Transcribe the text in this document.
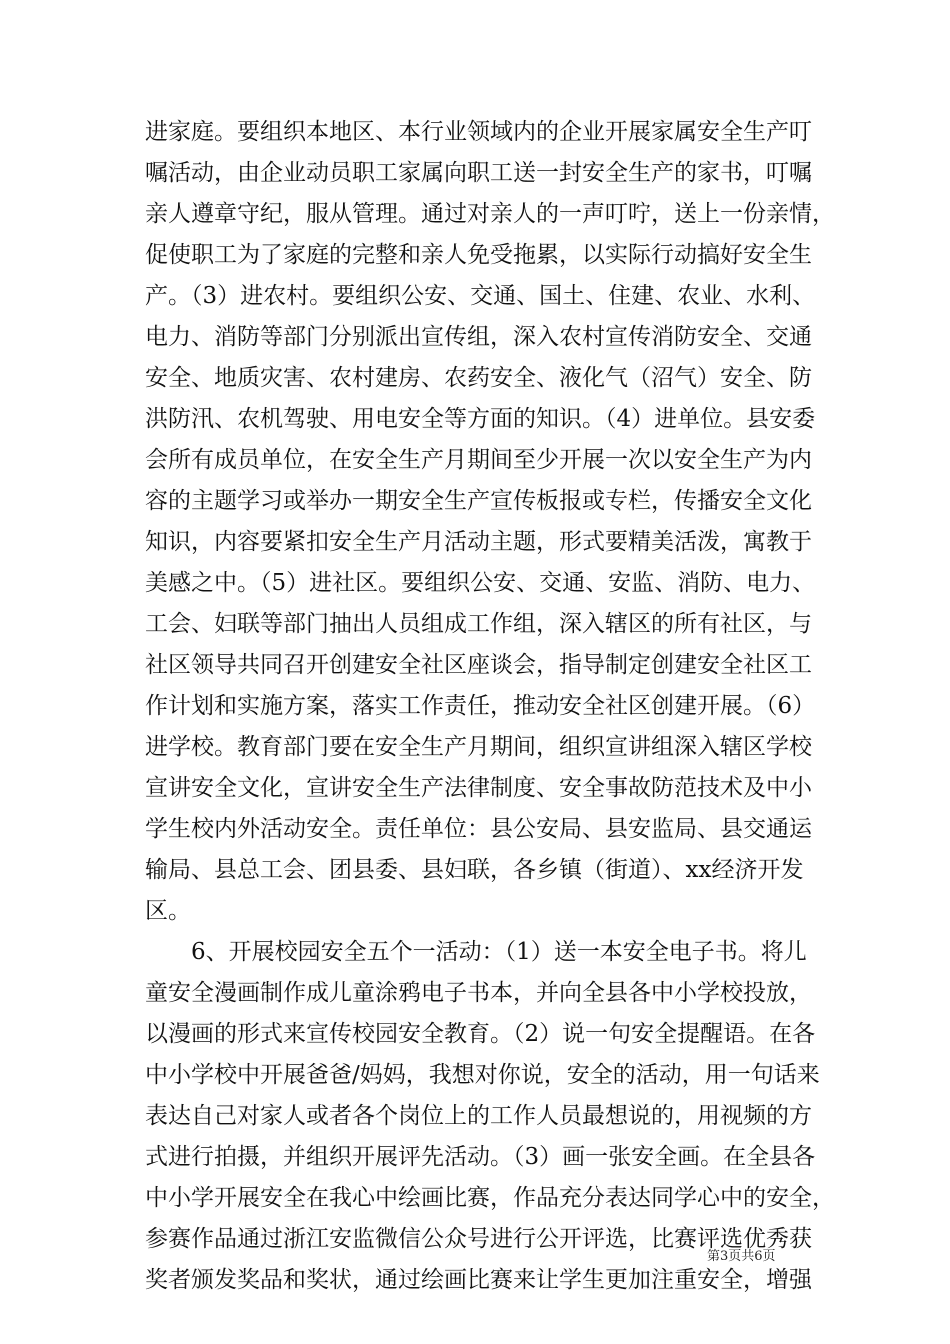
进家庭。要组织本地区、本行业领域内的企业开展家属安全生产叮
嘱活动，由企业动员职工家属向职工送一封安全生产的家书，叮嘱
亲人遵章守纪，服从管理。通过对亲人的一声叮咛，送上一份亲情，
促使职工为了家庭的完整和亲人免受拖累，以实际行动搞好安全生
产。（3）进农村。要组织公安、交通、国土、住建、农业、水利、
电力、消防等部门分别派出宣传组，深入农村宣传消防安全、交通
安全、地质灾害、农村建房、农药安全、液化气（沼气）安全、防
洪防汛、农机驾驶、用电安全等方面的知识。（4）进单位。县安委
会所有成员单位，在安全生产月期间至少开展一次以安全生产为内
容的主题学习或举办一期安全生产宣传板报或专栏，传播安全文化
知识，内容要紧扣安全生产月活动主题，形式要精美活泼，寓教于
美感之中。（5）进社区。要组织公安、交通、安监、消防、电力、
工会、妇联等部门抽出人员组成工作组，深入辖区的所有社区，与
社区领导共同召开创建安全社区座谈会，指导制定创建安全社区工
作计划和实施方案，落实工作责任，推动安全社区创建开展。（6）
进学校。教育部门要在安全生产月期间，组织宣讲组深入辖区学校
宣讲安全文化，宣讲安全生产法律制度、安全事故防范技术及中小
学生校内外活动安全。责任单位：县公安局、县安监局、县交通运
输局、县总工会、团县委、县妇联，各乡镇（街道）、xx经济开发
区。
　　6、开展校园安全五个一活动：（1）送一本安全电子书。将儿
童安全漫画制作成儿童涂鸦电子书本，并向全县各中小学校投放，
以漫画的形式来宣传校园安全教育。（2）说一句安全提醒语。在各
中小学校中开展爸爸/妈妈，我想对你说，安全的活动，用一句话来
表达自己对家人或者各个岗位上的工作人员最想说的，用视频的方
式进行拍摄，并组织开展评先活动。（3）画一张安全画。在全县各
中小学开展安全在我心中绘画比赛，作品充分表达同学心中的安全，
参赛作品通过浙江安监微信公众号进行公开评选，比赛评选优秀获
奖者颁发奖品和奖状，通过绘画比赛来让学生更加注重安全，增强
第3页共6页
